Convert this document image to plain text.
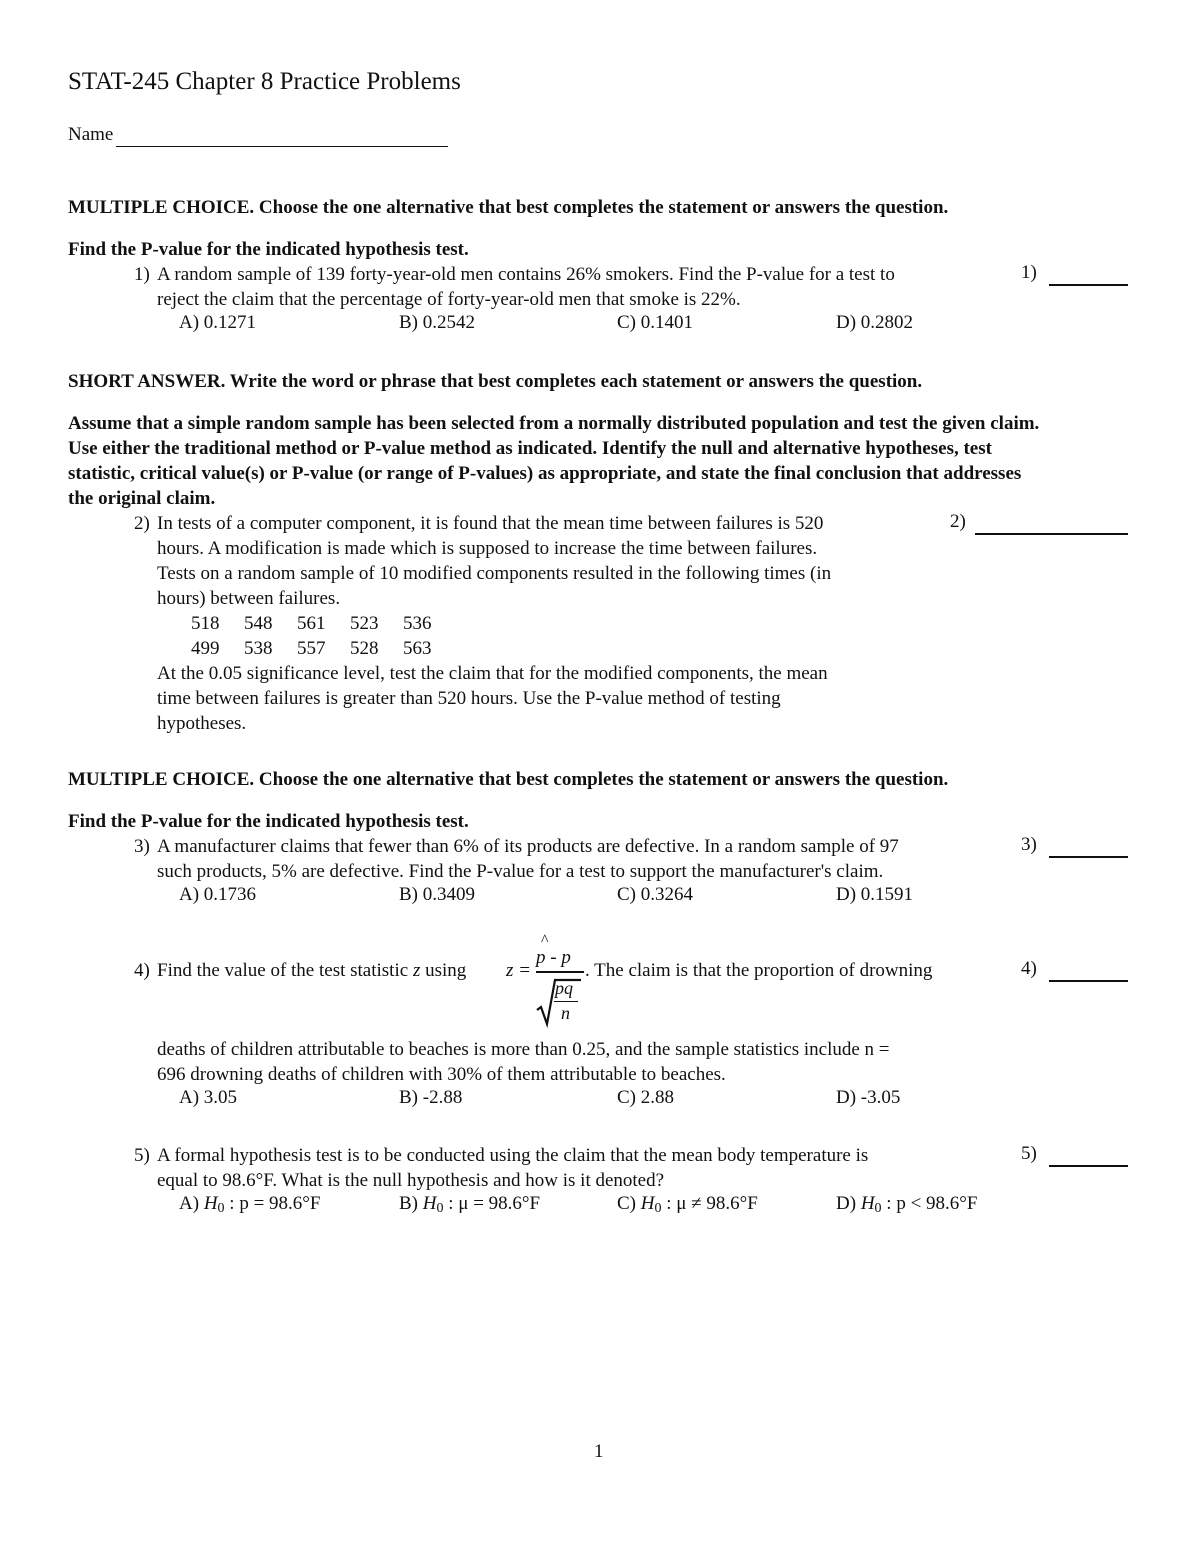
STAT-245 Chapter 8 Practice Problems
Name
MULTIPLE CHOICE. Choose the one alternative that best completes the statement or answers the question.
Find the P-value for the indicated hypothesis test.
1) A random sample of 139 forty-year-old men contains 26% smokers. Find the P-value for a test to
reject the claim that the percentage of forty-year-old men that smoke is 22%.
A) 0.1271	B) 0.2542	C) 0.1401	D) 0.2802
1)
SHORT ANSWER. Write the word or phrase that best completes each statement or answers the question.
Assume that a simple random sample has been selected from a normally distributed population and test the given claim.
Use either the traditional method or P-value method as indicated. Identify the null and alternative hypotheses, test
statistic, critical value(s) or P-value (or range of P-values) as appropriate, and state the final conclusion that addresses
the original claim.
2) In tests of a computer component, it is found that the mean time between failures is 520
hours. A modification is made which is supposed to increase the time between failures.
Tests on a random sample of 10 modified components resulted in the following times (in
hours) between failures.
518 548 561 523 536
499 538 557 528 563
At the 0.05 significance level, test the claim that for the modified components, the mean
time between failures is greater than 520 hours. Use the P-value method of testing
hypotheses.
2)
MULTIPLE CHOICE. Choose the one alternative that best completes the statement or answers the question.
Find the P-value for the indicated hypothesis test.
3) A manufacturer claims that fewer than 6% of its products are defective. In a random sample of 97
such products, 5% are defective. Find the P-value for a test to support the manufacturer's claim.
A) 0.1736	B) 0.3409	C) 0.3264	D) 0.1591
3)
4) Find the value of the test statistic z using z =
^
p - p
pq
n
. The claim is that the proportion of drowning
deaths of children attributable to beaches is more than 0.25, and the sample statistics include n =
696 drowning deaths of children with 30% of them attributable to beaches.
A) 3.05	B) -2.88	C) 2.88	D) -3.05
4)
5) A formal hypothesis test is to be conducted using the claim that the mean body temperature is
equal to 98.6°F. What is the null hypothesis and how is it denoted?
A) $H_0$ : p = 98.6°F	B) $H_0$ : μ = 98.6°F	C) $H_0$ : μ ≠ 98.6°F	D) $H_0$ : p < 98.6°F
5)
1
